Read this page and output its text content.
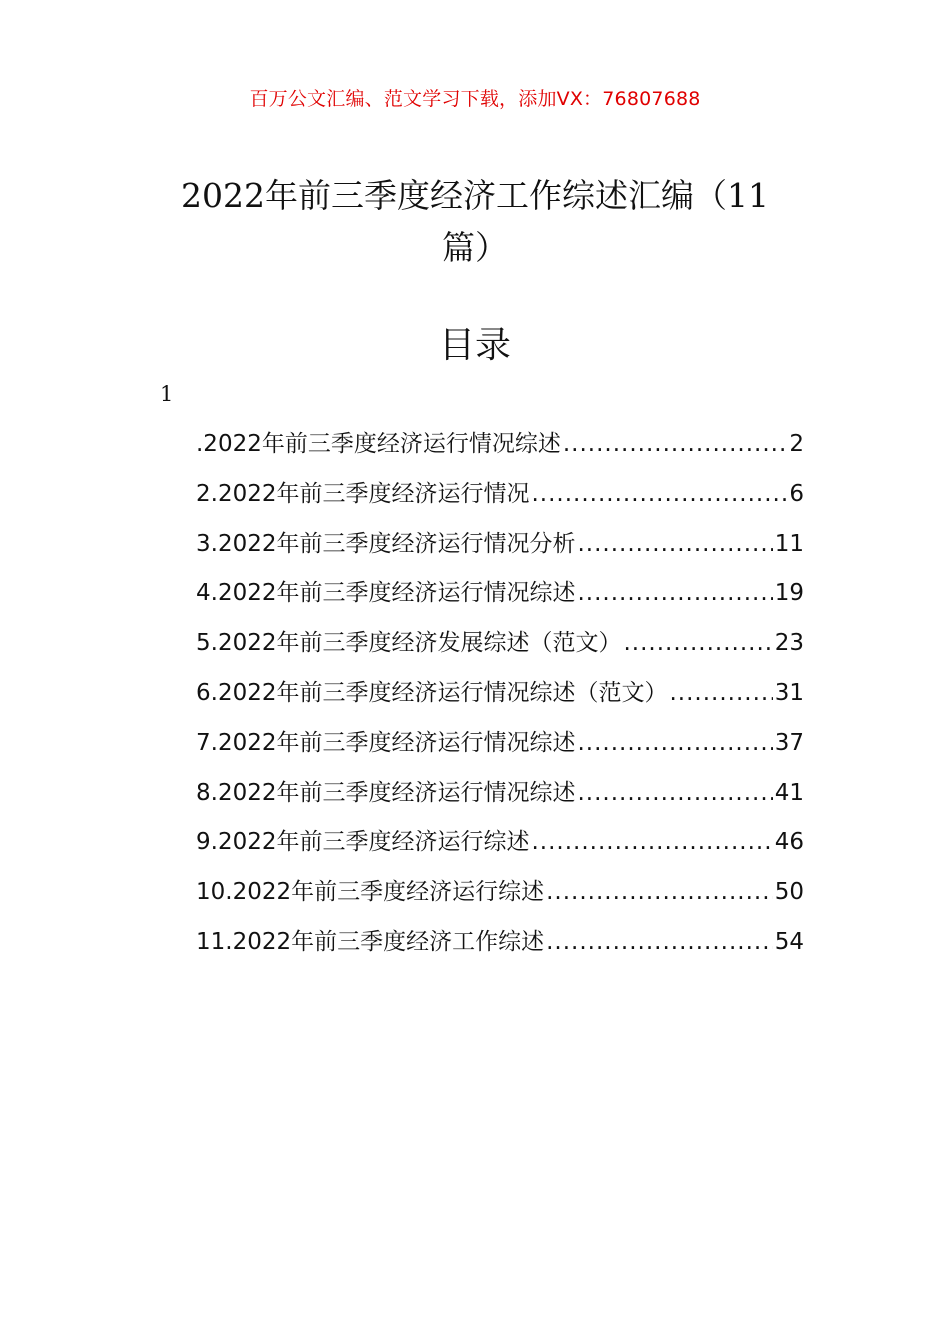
百万公文汇编、范文学习下载，添加VX：76807688
2022年前三季度经济工作综述汇编（11
篇）
目录
1
.2022年前三季度经济运行情况综述 .....	2
2.2022年前三季度经济运行情况 .....	6
3.2022年前三季度经济运行情况分析 .....	11
4.2022年前三季度经济运行情况综述 .....	19
5.2022年前三季度经济发展综述（范文） .....	23
6.2022年前三季度经济运行情况综述（范文） .....	31
7.2022年前三季度经济运行情况综述 .....	37
8.2022年前三季度经济运行情况综述 .....	41
9.2022年前三季度经济运行综述 .....	46
10.2022年前三季度经济运行综述 .....	50
11.2022年前三季度经济工作综述 .....	54
